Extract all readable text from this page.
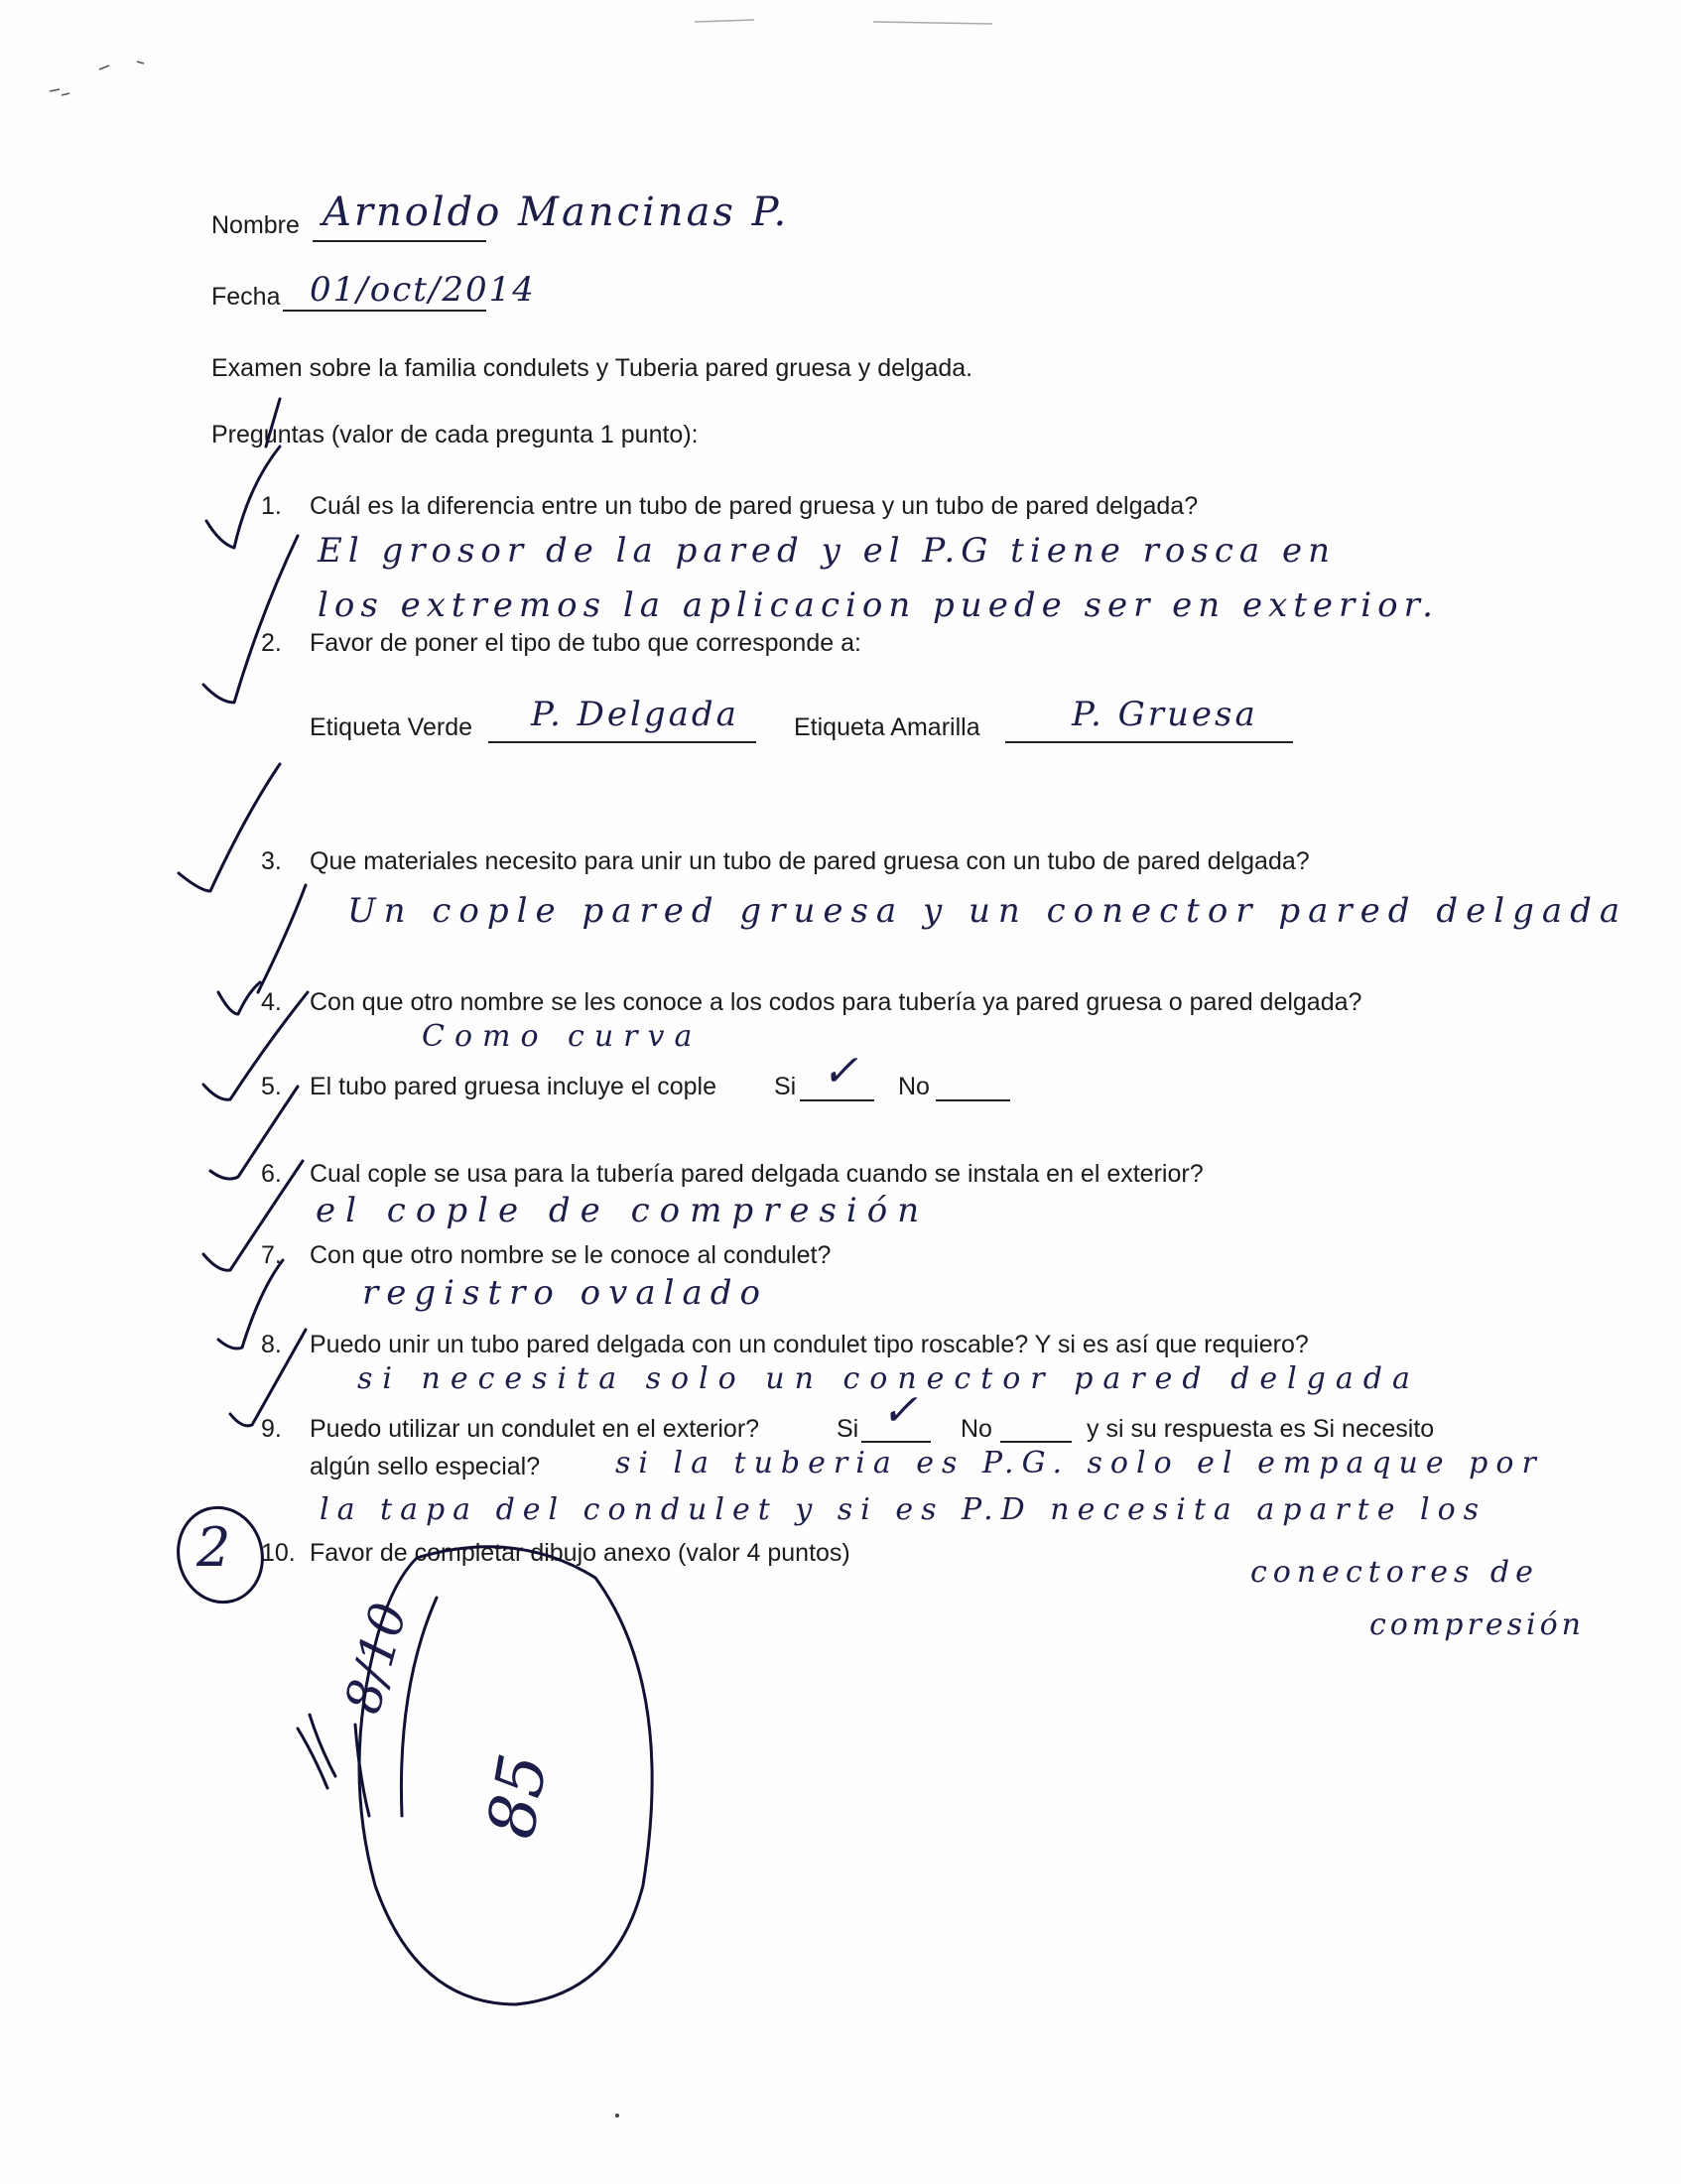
Nombre Arnoldo Mancinas P.
Fecha 01/oct/2014
Examen sobre la familia condulets y Tuberia pared gruesa y delgada.
Preguntas (valor de cada pregunta 1 punto):
1. Cuál es la diferencia entre un tubo de pared gruesa y un tubo de pared delgada?
El grosor de la pared y el P.G tiene rosca en
los extremos la aplicacion puede ser en exterior.
2. Favor de poner el tipo de tubo que corresponde a:
Etiqueta Verde P. Delgada Etiqueta Amarilla	P. Gruesa
3. Que materiales necesito para unir un tubo de pared gruesa con un tubo de pared delgada?
Un cople pared gruesa y un conector pared delgada
4. Con que otro nombre se les conoce a los codos para tubería ya pared gruesa o pared delgada?
Como curva
5. El tubo pared gruesa incluye el cople Si ✓ No
6. Cual cople se usa para la tubería pared delgada cuando se instala en el exterior?
el cople de compresión
7. Con que otro nombre se le conoce al condulet?
registro ovalado
8. Puedo unir un tubo pared delgada con un condulet tipo roscable? Y si es así que requiero?
si necesita solo un conector pared delgada
9. Puedo utilizar un condulet en el exterior?	Si ✓ No	y si su respuesta es Si necesito
algún sello especial?	si la tuberia es P.G. solo el empaque por
la tapa del condulet y si es P.D necesita aparte los
conectores de
compresión
10. Favor de completar dibujo anexo (valor 4 puntos)
2
8/10
85
